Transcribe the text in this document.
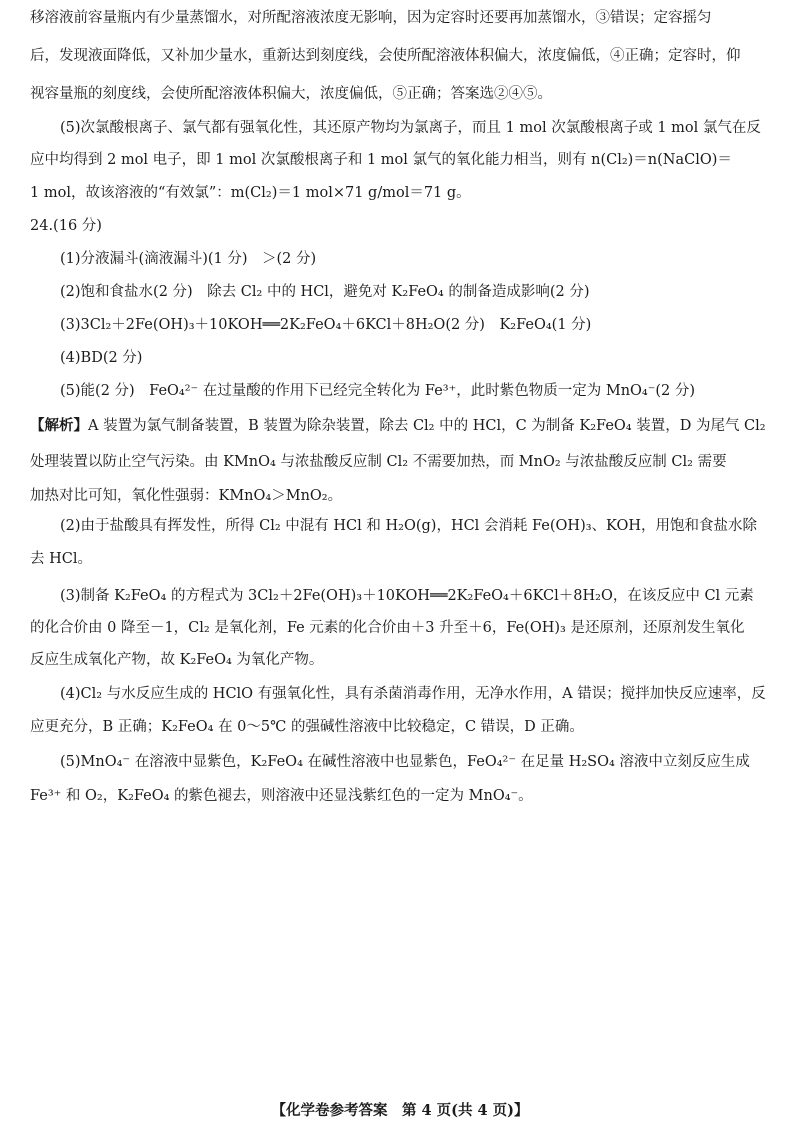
移溶液前容量瓶内有少量蒸馏水，对所配溶液浓度无影响，因为定容时还要再加蒸馏水，③错误；定容摇匀
后，发现液面降低，又补加少量水，重新达到刻度线，会使所配溶液体积偏大，浓度偏低，④正确；定容时，仰
视容量瓶的刻度线，会使所配溶液体积偏大，浓度偏低，⑤正确；答案选②④⑤。
(5)次氯酸根离子、氯气都有强氧化性，其还原产物均为氯离子，而且 1 mol 次氯酸根离子或 1 mol 氯气在反
应中均得到 2 mol 电子，即 1 mol 次氯酸根离子和 1 mol 氯气的氧化能力相当，则有 n(Cl₂)＝n(NaClO)＝
1 mol，故该溶液的“有效氯”：m(Cl₂)＝1 mol×71 g/mol＝71 g。
24.(16 分)
(1)分液漏斗(滴液漏斗)(1 分)　＞(2 分)
(2)饱和食盐水(2 分)　除去 Cl₂ 中的 HCl，避免对 K₂FeO₄ 的制备造成影响(2 分)
(3)3Cl₂＋2Fe(OH)₃＋10KOH══2K₂FeO₄＋6KCl＋8H₂O(2 分)　K₂FeO₄(1 分)
(4)BD(2 分)
(5)能(2 分)　FeO₄²⁻ 在过量酸的作用下已经完全转化为 Fe³⁺，此时紫色物质一定为 MnO₄⁻(2 分)
【解析】A 装置为氯气制备装置，B 装置为除杂装置，除去 Cl₂ 中的 HCl，C 为制备 K₂FeO₄ 装置，D 为尾气 Cl₂
处理装置以防止空气污染。由 KMnO₄ 与浓盐酸反应制 Cl₂ 不需要加热，而 MnO₂ 与浓盐酸反应制 Cl₂ 需要
加热对比可知，氧化性强弱：KMnO₄＞MnO₂。
(2)由于盐酸具有挥发性，所得 Cl₂ 中混有 HCl 和 H₂O(g)，HCl 会消耗 Fe(OH)₃、KOH，用饱和食盐水除
去 HCl。
(3)制备 K₂FeO₄ 的方程式为 3Cl₂＋2Fe(OH)₃＋10KOH══2K₂FeO₄＋6KCl＋8H₂O，在该反应中 Cl 元素
的化合价由 0 降至－1，Cl₂ 是氧化剂，Fe 元素的化合价由＋3 升至＋6，Fe(OH)₃ 是还原剂，还原剂发生氧化
反应生成氧化产物，故 K₂FeO₄ 为氧化产物。
(4)Cl₂ 与水反应生成的 HClO 有强氧化性，具有杀菌消毒作用，无净水作用，A 错误；搅拌加快反应速率，反
应更充分，B 正确；K₂FeO₄ 在 0～5℃ 的强碱性溶液中比较稳定，C 错误，D 正确。
(5)MnO₄⁻ 在溶液中显紫色，K₂FeO₄ 在碱性溶液中也显紫色，FeO₄²⁻ 在足量 H₂SO₄ 溶液中立刻反应生成
Fe³⁺ 和 O₂，K₂FeO₄ 的紫色褪去，则溶液中还显浅紫红色的一定为 MnO₄⁻。
【化学卷参考答案　第 4 页(共 4 页)】
